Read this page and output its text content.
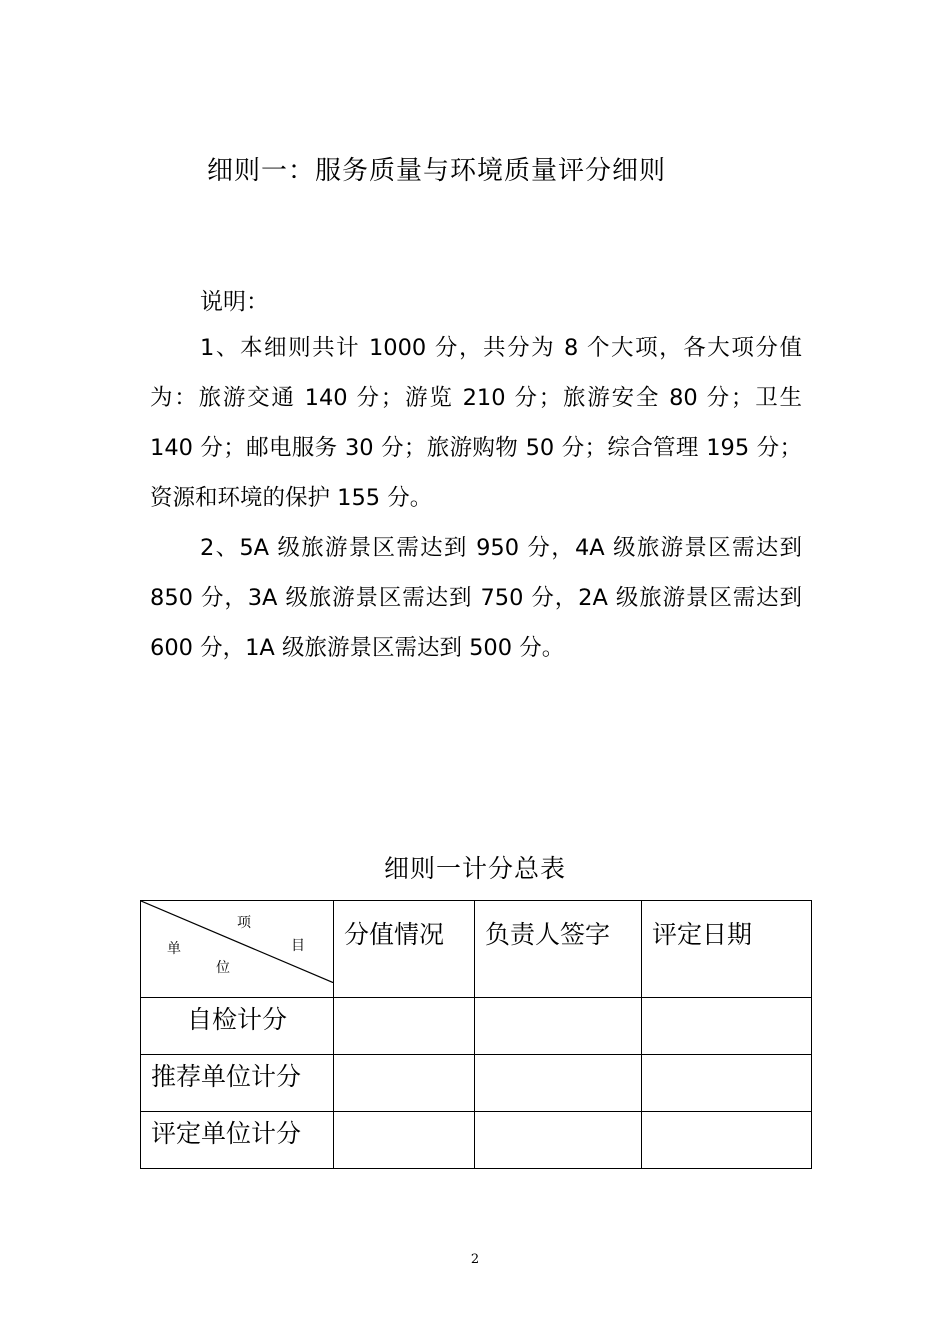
细则一：服务质量与环境质量评分细则
说明：

1、本细则共计 1000 分，共分为 8 个大项，各大项分值为：旅游交通 140 分；游览 210 分；旅游安全 80 分；卫生 140 分；邮电服务 30 分；旅游购物 50 分；综合管理 195 分；资源和环境的保护 155 分。

2、5A 级旅游景区需达到 950 分，4A 级旅游景区需达到 850 分，3A 级旅游景区需达到 750 分，2A 级旅游景区需达到 600 分，1A 级旅游景区需达到 500 分。

细则一计分总表
项
目
单
位	分值情况	负责人签字	评定日期
自检计分			
推荐单位计分			
评定单位计分			
2
